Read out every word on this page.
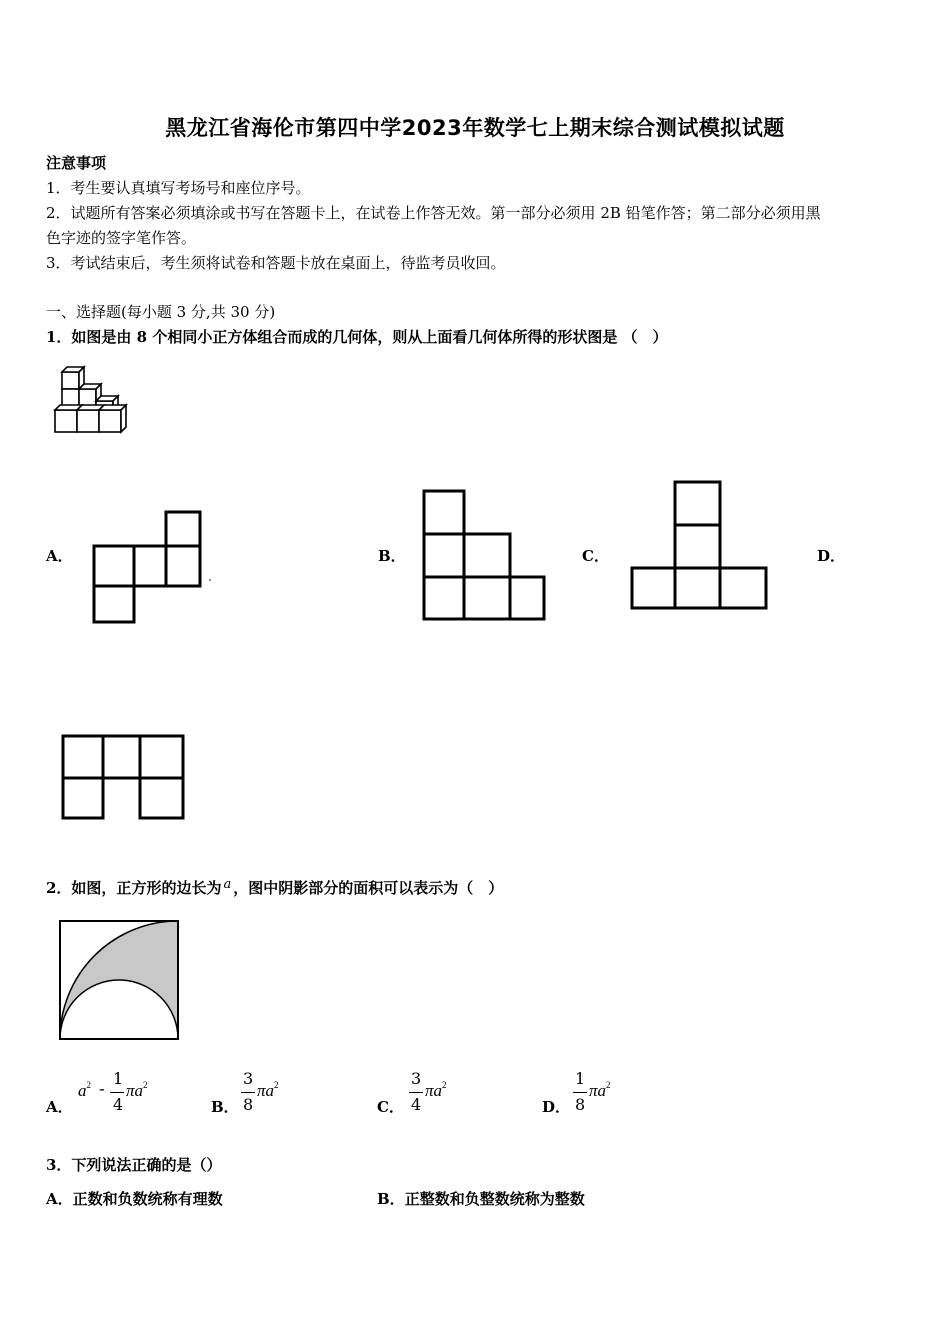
黑龙江省海伦市第四中学2023年数学七上期末综合测试模拟试题
注意事项
1．考生要认真填写考场号和座位序号。
2．试题所有答案必须填涂或书写在答题卡上，在试卷上作答无效。第一部分必须用 2B 铅笔作答；第二部分必须用黑
色字迹的签字笔作答。
3．考试结束后，考生须将试卷和答题卡放在桌面上，待监考员收回。
一、选择题(每小题 3 分,共 30 分)
1．如图是由 8 个相同小正方体组合而成的几何体，则从上面看几何体所得的形状图是 （　）
A．	B．	C．	D．
2．如图，正方形的边长为 a ，图中阴影部分的面积可以表示为（　）
A．
$a^2$ -
1
4
$\pi a^2$
B．
3
8
$\pi a^2$
C．
3
4
$\pi a^2$
D．
1
8
$\pi a^2$
3．下列说法正确的是（）
A．正数和负数统称有理数	B．正整数和负整数统称为整数
